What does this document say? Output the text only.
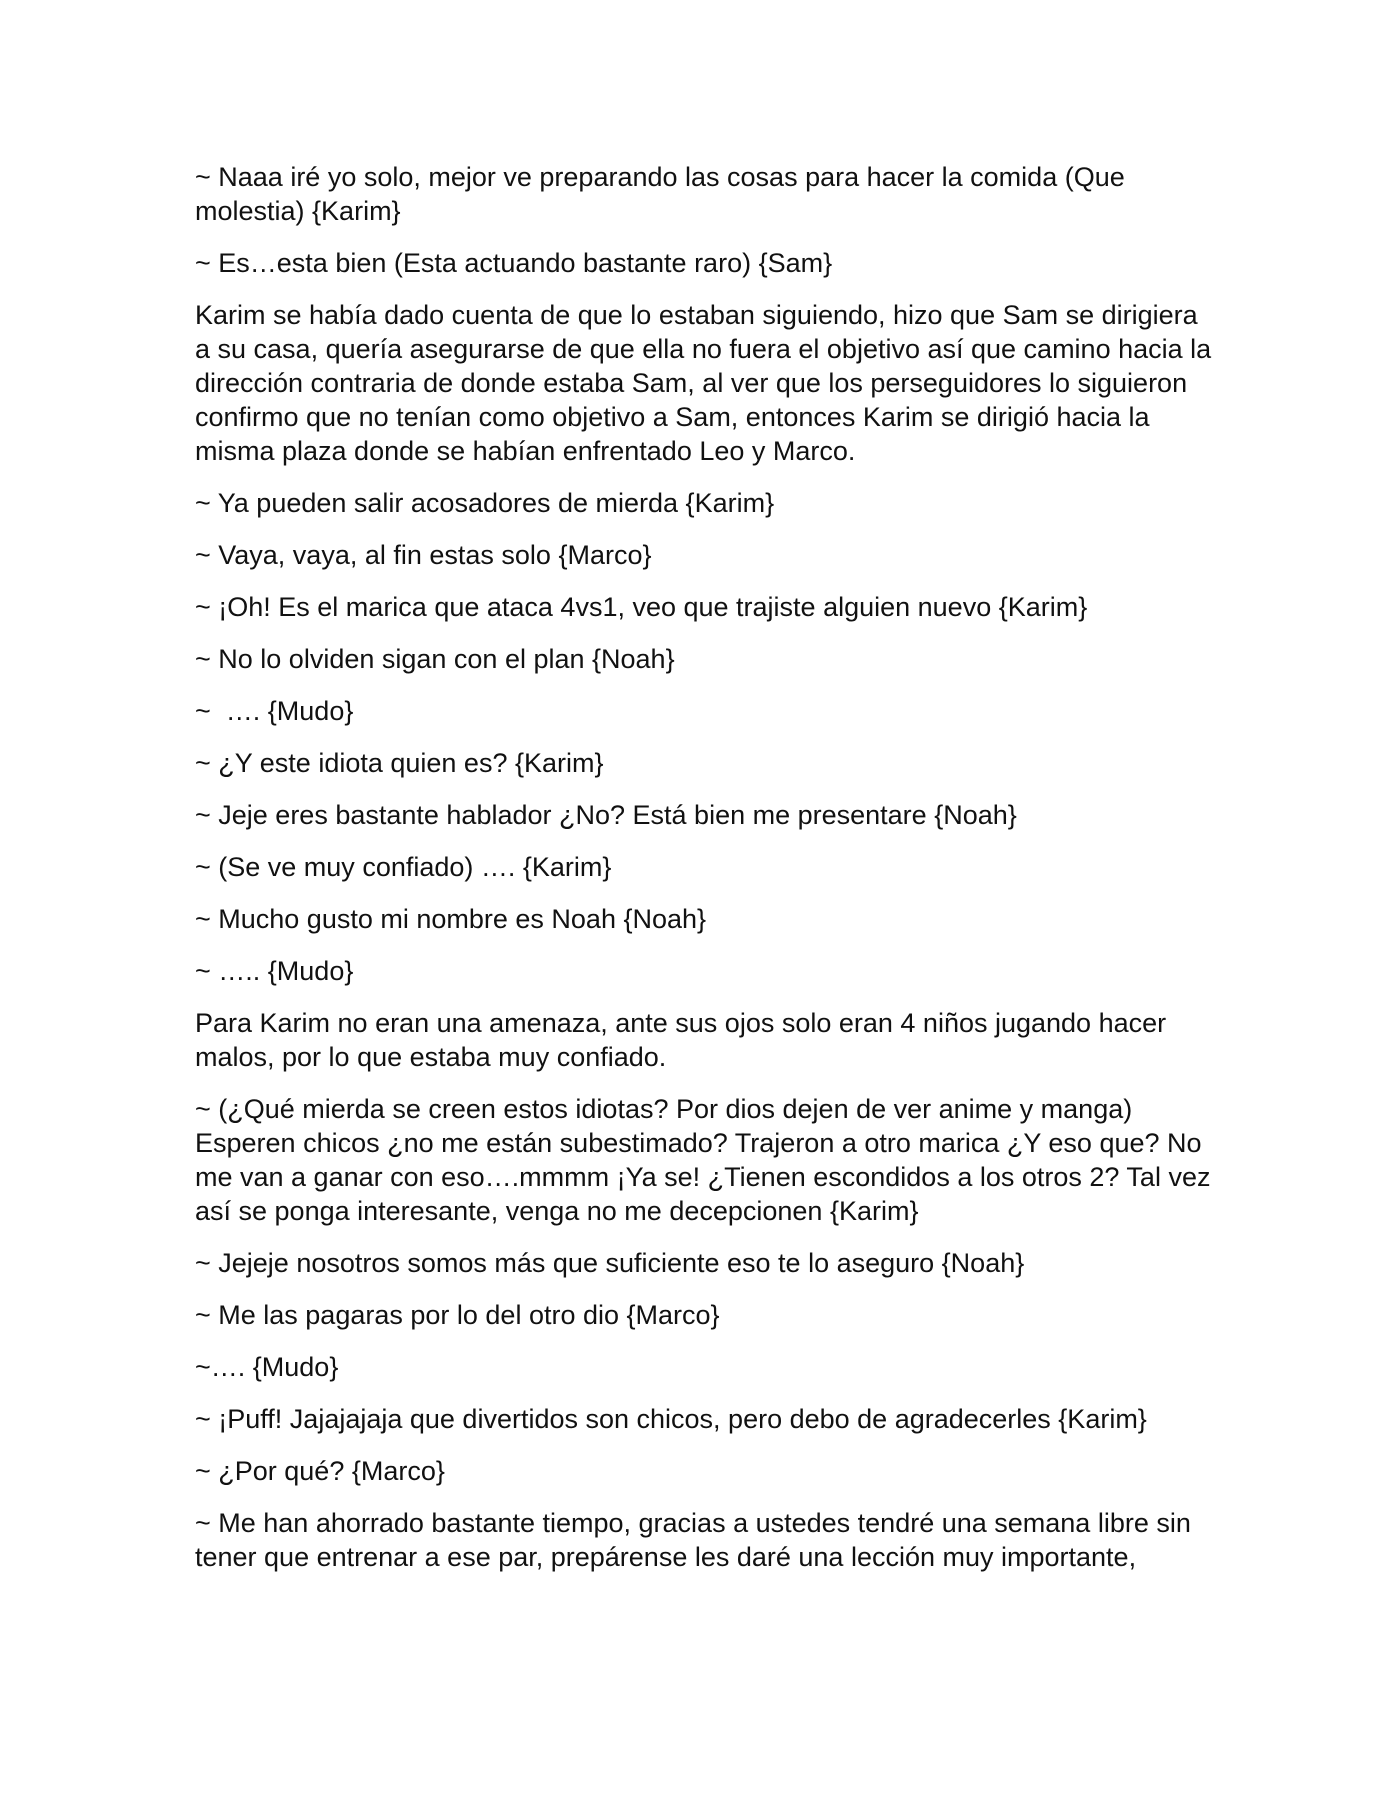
~ Naaa iré yo solo, mejor ve preparando las cosas para hacer la comida (Que molestia) {Karim}

~ Es…esta bien (Esta actuando bastante raro) {Sam}

Karim se había dado cuenta de que lo estaban siguiendo, hizo que Sam se dirigiera a su casa, quería asegurarse de que ella no fuera el objetivo así que camino hacia la dirección contraria de donde estaba Sam, al ver que los perseguidores lo siguieron confirmo que no tenían como objetivo a Sam, entonces Karim se dirigió hacia la misma plaza donde se habían enfrentado Leo y Marco.

~ Ya pueden salir acosadores de mierda {Karim}

~ Vaya, vaya, al fin estas solo {Marco}

~ ¡Oh! Es el marica que ataca 4vs1, veo que trajiste alguien nuevo {Karim}

~ No lo olviden sigan con el plan {Noah}

~  …. {Mudo}

~ ¿Y este idiota quien es? {Karim}

~ Jeje eres bastante hablador ¿No? Está bien me presentare {Noah}

~ (Se ve muy confiado) …. {Karim}

~ Mucho gusto mi nombre es Noah {Noah}

~ ….. {Mudo}

Para Karim no eran una amenaza, ante sus ojos solo eran 4 niños jugando hacer malos, por lo que estaba muy confiado.

~ (¿Qué mierda se creen estos idiotas? Por dios dejen de ver anime y manga) Esperen chicos ¿no me están subestimado? Trajeron a otro marica ¿Y eso que? No me van a ganar con eso….mmmm ¡Ya se! ¿Tienen escondidos a los otros 2? Tal vez así se ponga interesante, venga no me decepcionen {Karim}

~ Jejeje nosotros somos más que suficiente eso te lo aseguro {Noah}

~ Me las pagaras por lo del otro dio {Marco}

~…. {Mudo}

~ ¡Puff! Jajajajaja que divertidos son chicos, pero debo de agradecerles {Karim}

~ ¿Por qué? {Marco}

~ Me han ahorrado bastante tiempo, gracias a ustedes tendré una semana libre sin tener que entrenar a ese par, prepárense les daré una lección muy importante,
